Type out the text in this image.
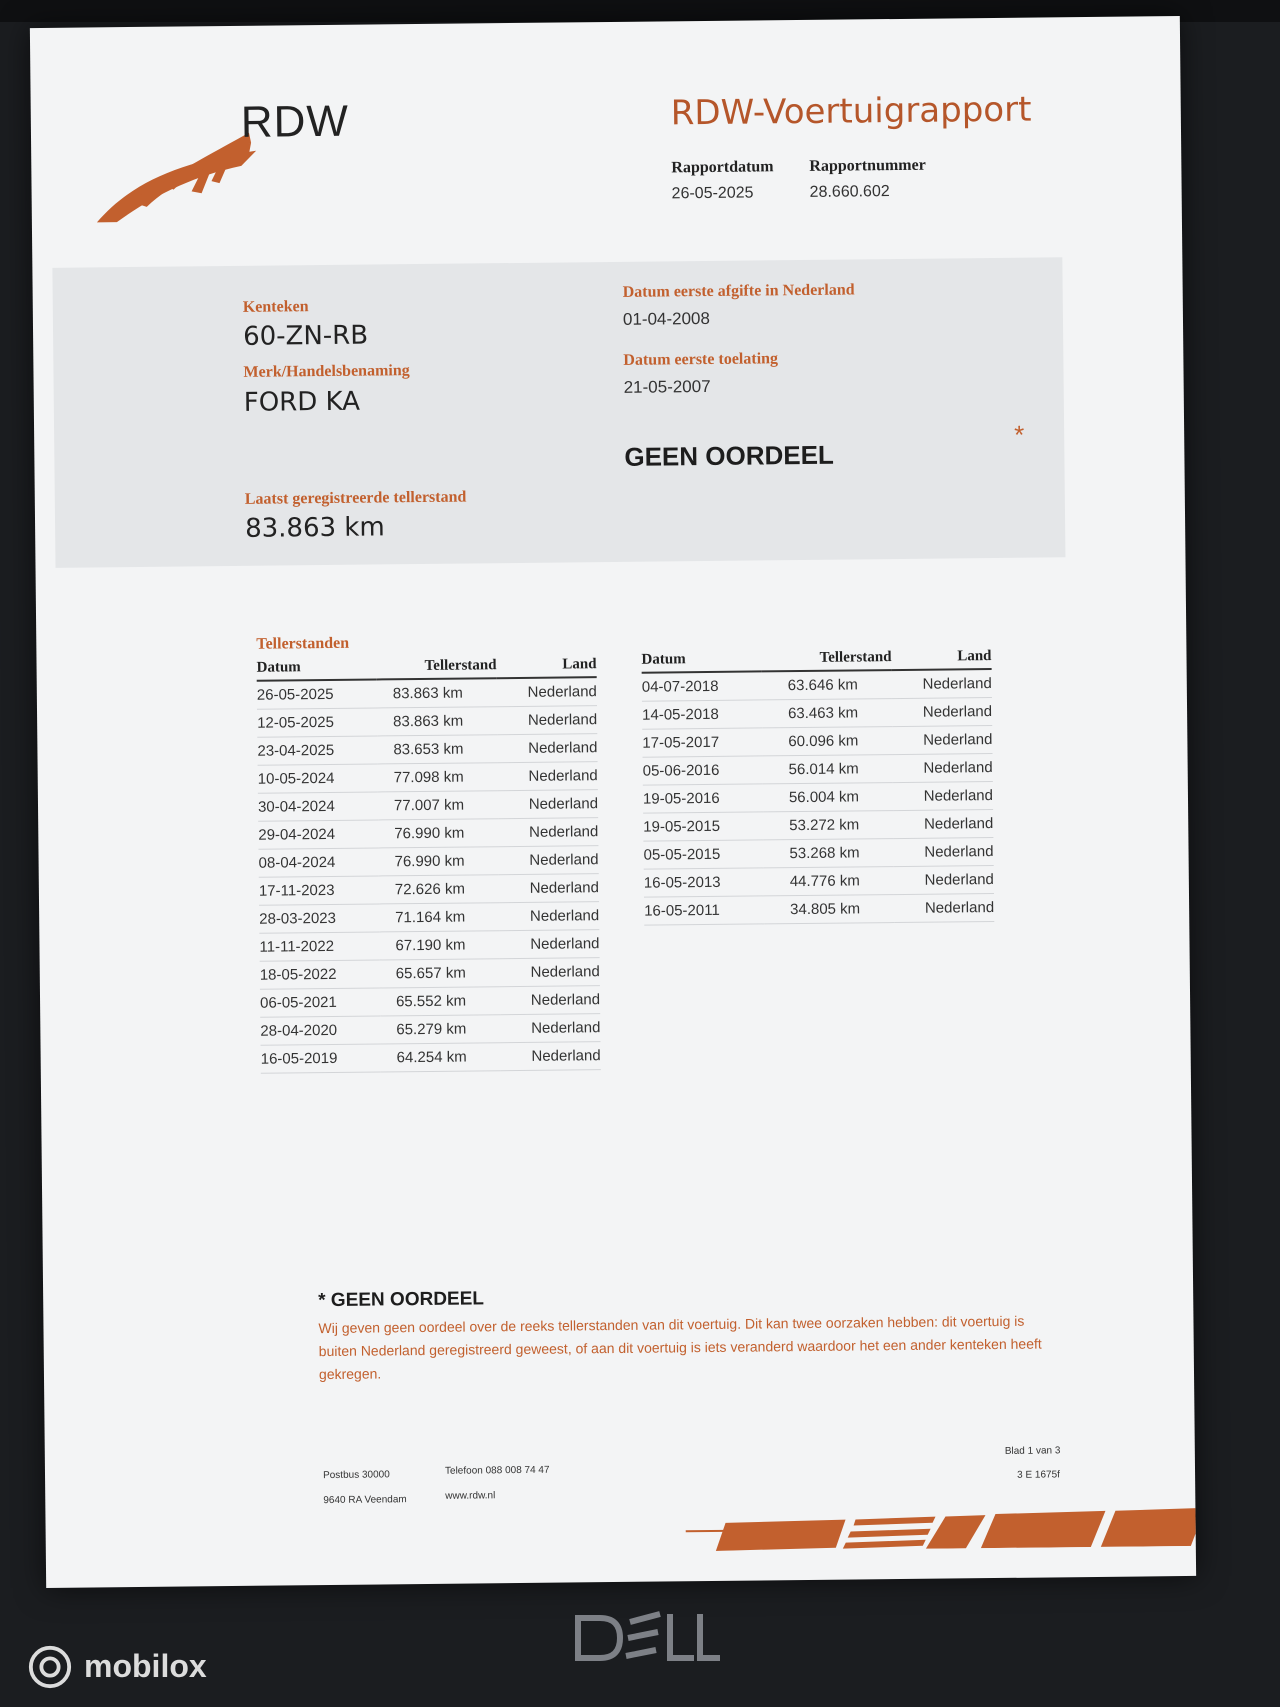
RDW	RDW-Voertuigrapport
Rapportdatum
26-05-2025
Rapportnummer
28.660.602
Kenteken
60-ZN-RB
Merk/Handelsbenaming
FORD KA
Laatst geregistreerde tellerstand
83.863 km
Datum eerste afgifte in Nederland
01-04-2008
Datum eerste toelating
21-05-2007
GEEN OORDEEL
*
Tellerstanden
Datum	Tellerstand	Land
26-05-2025	83.863 km	Nederland
12-05-2025	83.863 km	Nederland
23-04-2025	83.653 km	Nederland
10-05-2024	77.098 km	Nederland
30-04-2024	77.007 km	Nederland
29-04-2024	76.990 km	Nederland
08-04-2024	76.990 km	Nederland
17-11-2023	72.626 km	Nederland
28-03-2023	71.164 km	Nederland
11-11-2022	67.190 km	Nederland
18-05-2022	65.657 km	Nederland
06-05-2021	65.552 km	Nederland
28-04-2020	65.279 km	Nederland
16-05-2019	64.254 km	Nederland
Datum	Tellerstand	Land
04-07-2018	63.646 km	Nederland
14-05-2018	63.463 km	Nederland
17-05-2017	60.096 km	Nederland
05-06-2016	56.014 km	Nederland
19-05-2016	56.004 km	Nederland
19-05-2015	53.272 km	Nederland
05-05-2015	53.268 km	Nederland
16-05-2013	44.776 km	Nederland
16-05-2011	34.805 km	Nederland
* GEEN OORDEEL
Wij geven geen oordeel over de reeks tellerstanden van dit voertuig. Dit kan twee oorzaken hebben: dit voertuig is buiten Nederland geregistreerd geweest, of aan dit voertuig is iets veranderd waardoor het een ander kenteken heeft gekregen.
Postbus 30000
9640 RA Veendam
Telefoon 088 008 74 47
www.rdw.nl
Blad 1 van 3
3 E 1675f
mobilox
